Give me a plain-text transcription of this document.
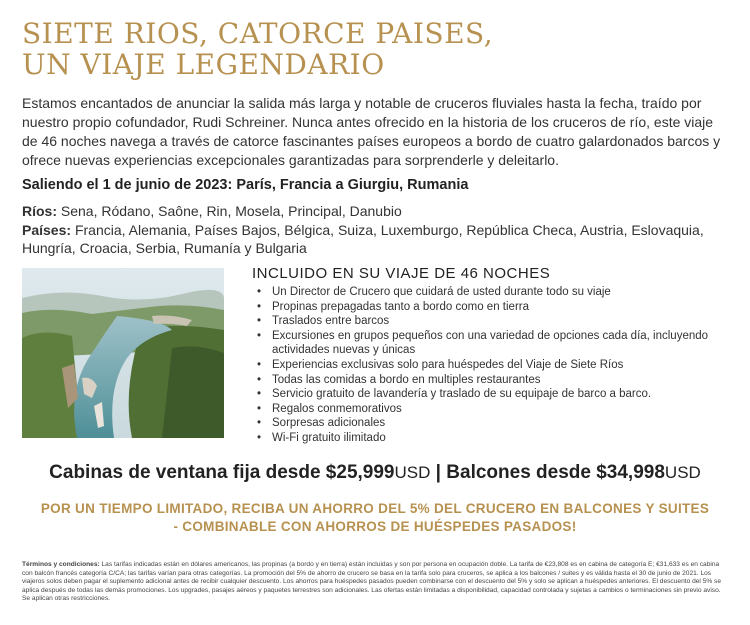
SIETE RIOS, CATORCE PAISES,
UN VIAJE LEGENDARIO

Estamos encantados de anunciar la salida más larga y notable de cruceros fluviales hasta la fecha, traído por nuestro propio cofundador, Rudi Schreiner. Nunca antes ofrecido en la historia de los cruceros de río, este viaje de 46 noches navega a través de catorce fascinantes países europeos a bordo de cuatro galardonados barcos y ofrece nuevas experiencias excepcionales garantizadas para sorprenderle y deleitarlo.

Saliendo el 1 de junio de 2023: París, Francia a Giurgiu, Rumania

Ríos: Sena, Ródano, Saône, Rin, Mosela, Principal, Danubio

Países: Francia, Alemania, Países Bajos, Bélgica, Suiza, Luxemburgo, República Checa, Austria, Eslovaquia, Hungría, Croacia, Serbia, Rumanía y Bulgaria

INCLUIDO EN SU VIAJE DE 46 NOCHES
• Un Director de Crucero que cuidará de usted durante todo su viaje
• Propinas prepagadas tanto a bordo como en tierra
• Traslados entre barcos
• Excursiones en grupos pequeños con una variedad de opciones cada día, incluyendo actividades nuevas y únicas
• Experiencias exclusivas solo para huéspedes del Viaje de Siete Ríos
• Todas las comidas a bordo en multiples restaurantes
• Servicio gratuito de lavandería y traslado de su equipaje de barco a barco.
• Regalos conmemorativos
• Sorpresas adicionales
• Wi-Fi gratuito ilimitado

Cabinas de ventana fija desde $25,999USD | Balcones desde $34,998USD

POR UN TIEMPO LIMITADO, RECIBA UN AHORRO DEL 5% DEL CRUCERO EN BALCONES Y SUITES - COMBINABLE CON AHORROS DE HUÉSPEDES PASADOS!

Términos y condiciones: Las tarifas indicadas están en dólares americanos, las propinas (a bordo y en tierra) están incluidas y son por persona en ocupación doble. La tarifa de €23,808 es en cabina de categoría E; €31,633 es en cabina con balcón francés categoría C/CA; las tarifas varían para otras categorías. La promoción del 5% de ahorro de crucero se basa en la tarifa solo para cruceros, se aplica a los balcones / suites y es válida hasta el 30 de junio de 2021. Los viajeros solos deben pagar el suplemento adicional antes de recibir cualquier descuento. Los ahorros para huéspedes pasados pueden combinarse con el descuento del 5% y solo se aplican a huéspedes anteriores. El descuento del 5% se aplica después de todas las demás promociones. Los upgrades, pasajes aéreos y paquetes terrestres son adicionales. Las ofertas están limitadas a disponibilidad, capacidad controlada y sujetas a cambios o terminaciones sin previo aviso. Se aplican otras restricciones.
